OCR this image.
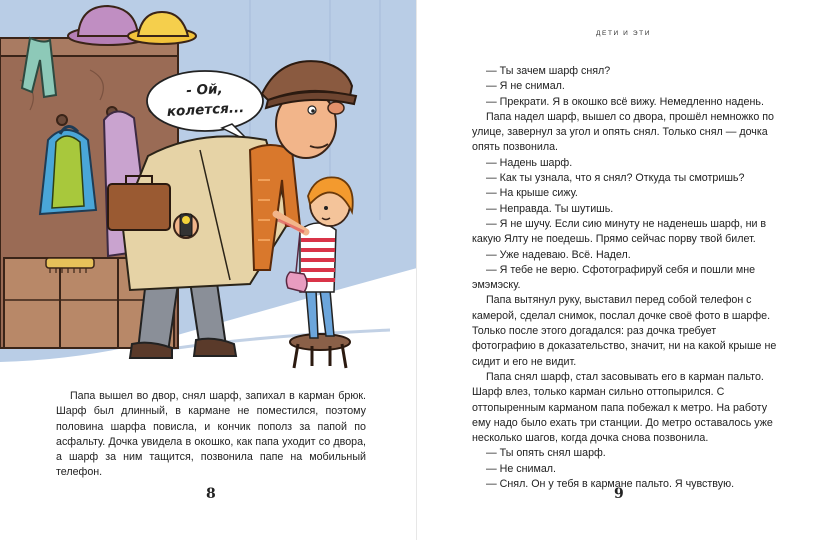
- Ой,
колется...

Папа вышел во двор, снял шарф, запихал в карман брюк. Шарф был длинный, в кармане не поместился, поэтому половина шарфа повисла, и кончик пополз за папой по асфальту. Дочка увидела в окошко, как папа уходит со двора, а шарф за ним тащится, позвонила папе на мобильный телефон.

8
ДЕТИ И ЭТИ

— Ты зачем шарф снял?

— Я не снимал.

— Прекрати. Я в окошко всё вижу. Немедленно надень.

Папа надел шарф, вышел со двора, прошёл немножко по улице, завернул за угол и опять снял. Только снял — дочка опять позвонила.

— Надень шарф.

— Как ты узнала, что я снял? Откуда ты смотришь?

— На крыше сижу.

— Неправда. Ты шутишь.

— Я не шучу. Если сию минуту не наденешь шарф, ни в какую Ялту не поедешь. Прямо сейчас порву твой билет.

— Уже надеваю. Всё. Надел.

— Я тебе не верю. Сфотографируй себя и пошли мне эмэмэску.

Папа вытянул руку, выставил перед собой телефон с камерой, сделал снимок, послал дочке своё фото в шарфе. Только после этого догадался: раз дочка требует фотографию в доказательство, значит, ни на какой крыше не сидит и его не видит.

Папа снял шарф, стал засовывать его в карман пальто. Шарф влез, только карман сильно оттопырился. С оттопыренным карманом папа побежал к метро. На работу ему надо было ехать три станции. До метро оставалось уже несколько шагов, когда дочка снова позвонила.

— Ты опять снял шарф.

— Не снимал.

— Снял. Он у тебя в кармане пальто. Я чувствую.

9
